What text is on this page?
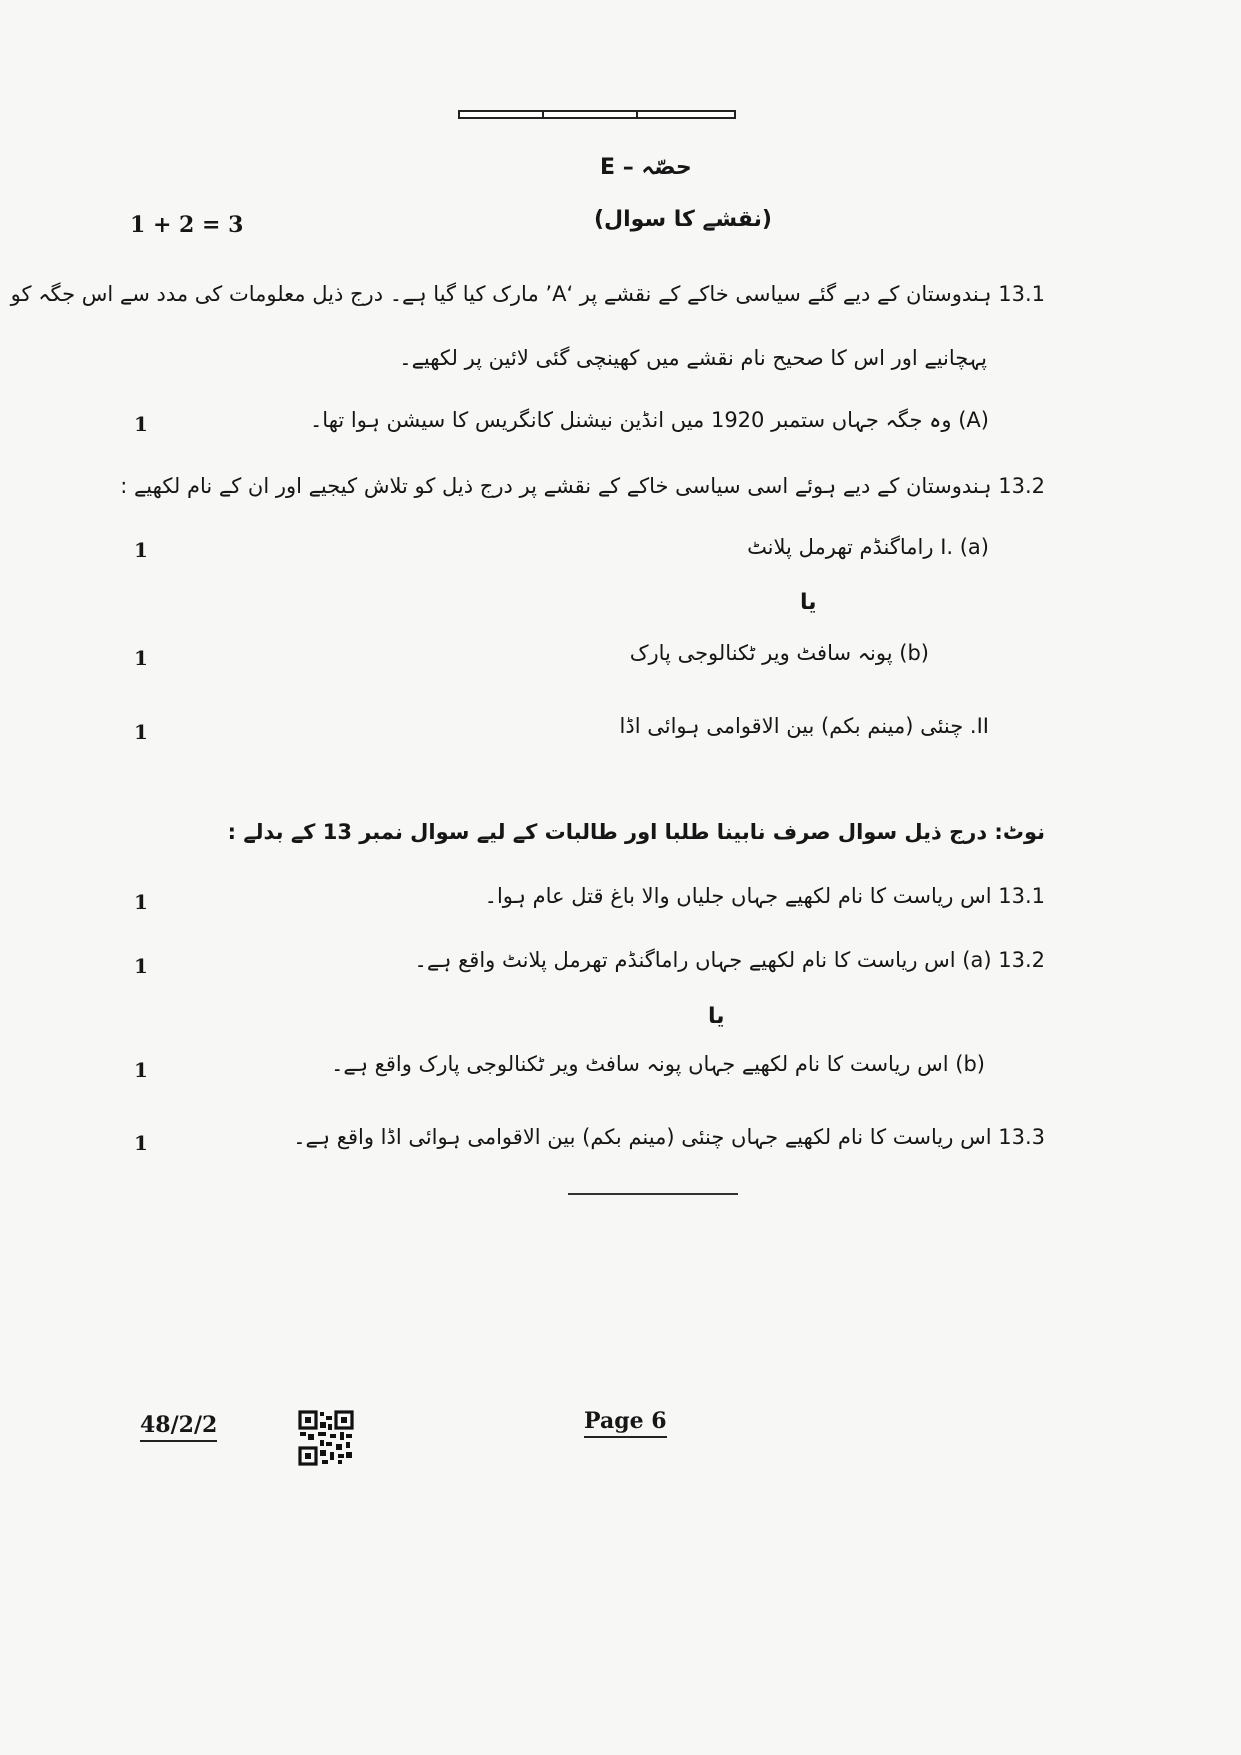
حصّہ – E
1 + 2 = 3	(نقشے کا سوال)
13.1 ہندوستان کے دیے گئے سیاسی خاکے کے نقشے پر ‘A’ مارک کیا گیا ہے۔ درج ذیل معلومات کی مدد سے اس جگہ کو
پہچانیے اور اس کا صحیح نام نقشے میں کھینچی گئی لائین پر لکھیے۔
1	(A) وہ جگہ جہاں ستمبر 1920 میں انڈین نیشنل کانگریس کا سیشن ہوا تھا۔
13.2 ہندوستان کے دیے ہوئے اسی سیاسی خاکے کے نقشے پر درج ذیل کو تلاش کیجیے اور ان کے نام لکھیے :
1	I. (a) راماگنڈم تھرمل پلانٹ
یا
1	(b) پونہ سافٹ ویر ٹکنالوجی پارک
1	II. چنئی (مینم بکم) بین الاقوامی ہوائی اڈا
نوٹ: درج ذیل سوال صرف نابینا طلبا اور طالبات کے لیے سوال نمبر 13 کے بدلے :
1	13.1 اس ریاست کا نام لکھیے جہاں جلیاں والا باغ قتل عام ہوا۔
1	13.2 (a) اس ریاست کا نام لکھیے جہاں راماگنڈم تھرمل پلانٹ واقع ہے۔
یا
1	(b) اس ریاست کا نام لکھیے جہاں پونہ سافٹ ویر ٹکنالوجی پارک واقع ہے۔
1	13.3 اس ریاست کا نام لکھیے جہاں چنئی (مینم بکم) بین الاقوامی ہوائی اڈا واقع ہے۔
48/2/2	Page 6
